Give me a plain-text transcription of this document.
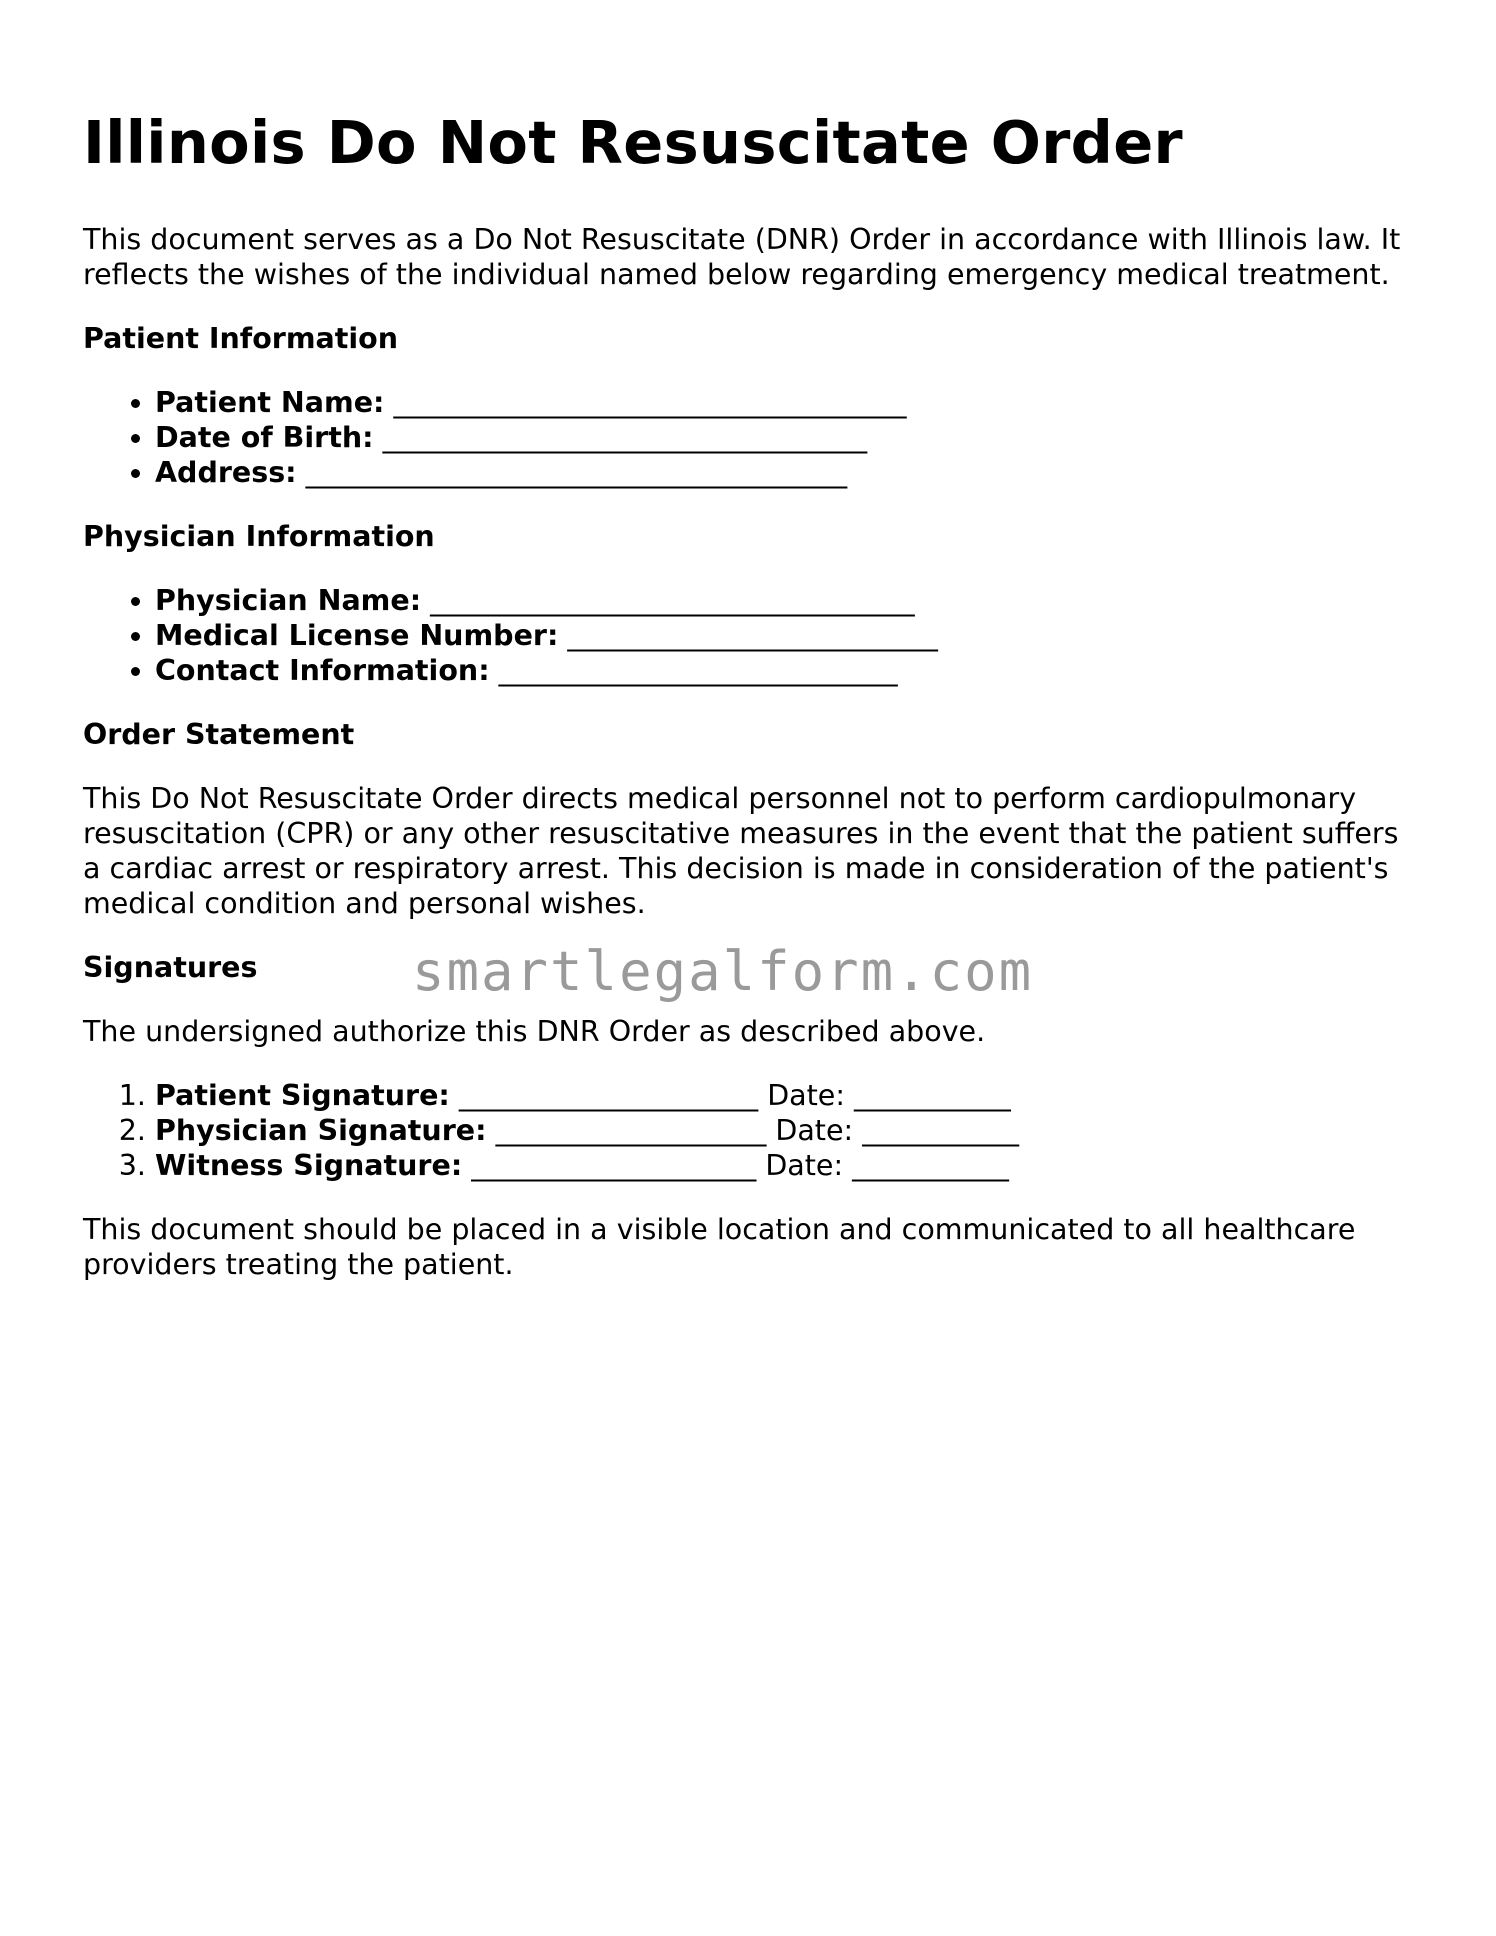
Illinois Do Not Resuscitate Order

This document serves as a Do Not Resuscitate (DNR) Order in accordance with Illinois law. It reflects the wishes of the individual named below regarding emergency medical treatment.

Patient Information
• Patient Name: ____________________________________
• Date of Birth: __________________________________
• Address: ______________________________________
Physician Information
• Physician Name: __________________________________
• Medical License Number: __________________________
• Contact Information: ____________________________
Order Statement

This Do Not Resuscitate Order directs medical personnel not to perform cardiopulmonary resuscitation (CPR) or any other resuscitative measures in the event that the patient suffers a cardiac arrest or respiratory arrest. This decision is made in consideration of the patient's medical condition and personal wishes.

Signatures

The undersigned authorize this DNR Order as described above.

1. Patient Signature: _____________________ Date: ___________
2. Physician Signature: ___________________ Date: ___________
3. Witness Signature: ____________________ Date: ___________

This document should be placed in a visible location and communicated to all healthcare providers treating the patient.

smartlegalform.com
